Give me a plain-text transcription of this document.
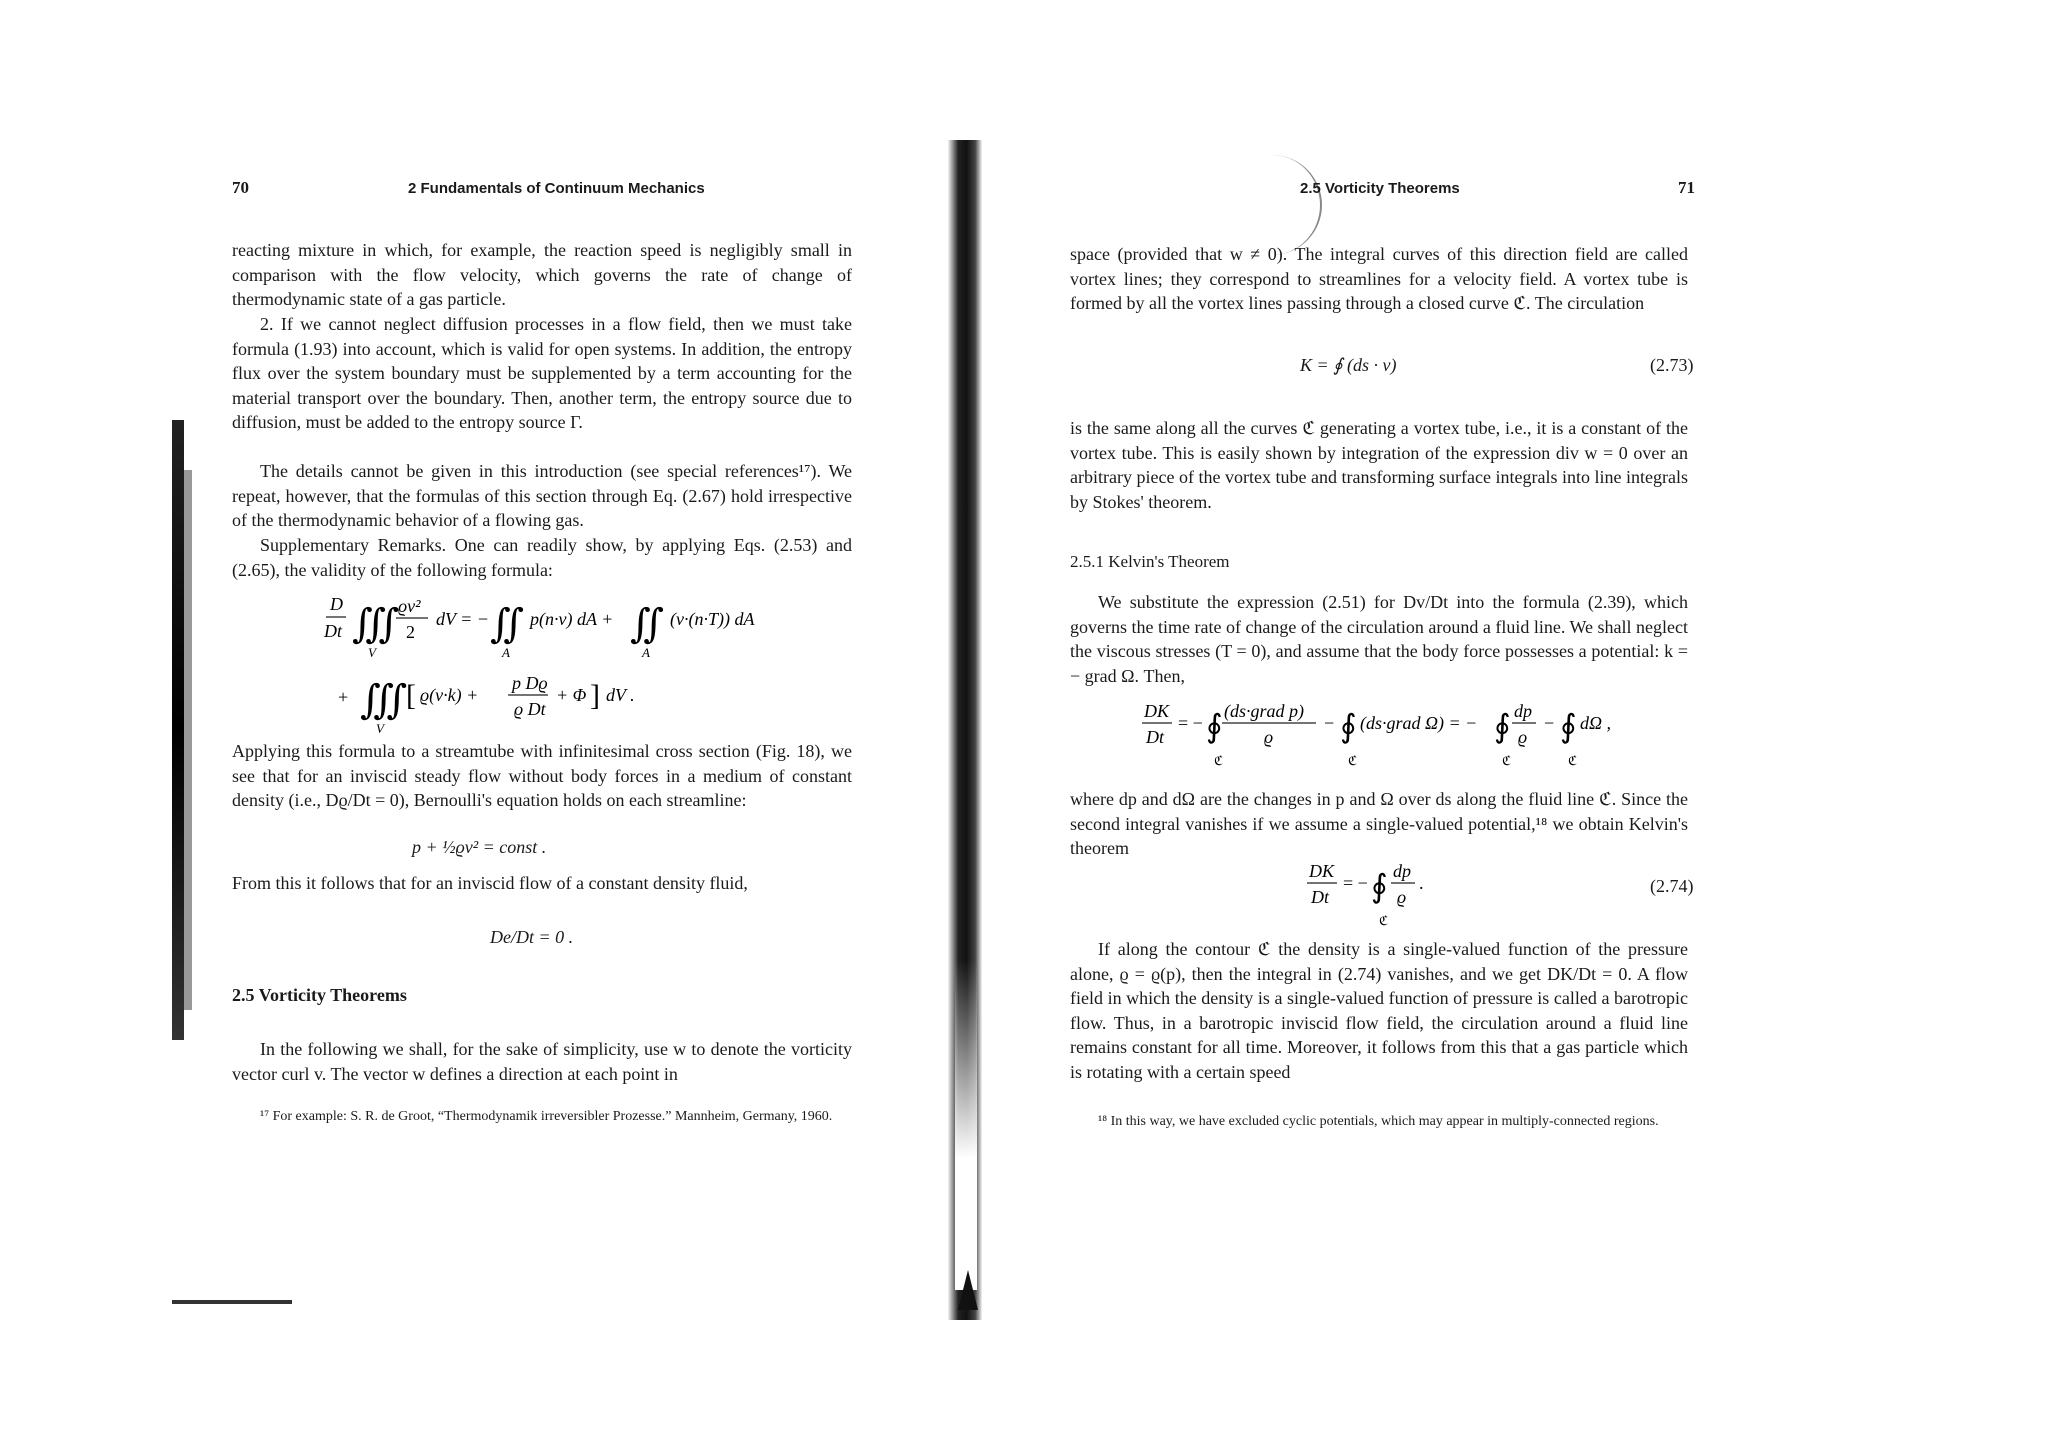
70	2 Fundamentals of Continuum Mechanics

reacting mixture in which, for example, the reaction speed is negligibly small in comparison with the flow velocity, which governs the rate of change of thermodynamic state of a gas particle.

2. If we cannot neglect diffusion processes in a flow field, then we must take formula (1.93) into account, which is valid for open systems. In addition, the entropy flux over the system boundary must be supplemented by a term accounting for the material transport over the boundary. Then, another term, the entropy source due to diffusion, must be added to the entropy source Γ.

The details cannot be given in this introduction (see special references¹⁷). We repeat, however, that the formulas of this section through Eq. (2.67) hold irrespective of the thermodynamic behavior of a flowing gas.

Supplementary Remarks. One can readily show, by applying Eqs. (2.53) and (2.65), the validity of the following formula:

D
Dt ∭
ϱv²
2
dV = − ∬ p(n·v) dA + ∬ (v·(n·T)) dA
V	A	A
+ ∭
[ ϱ(v·k) +
p Dϱ
ϱ Dt
+ Φ ] dV .
V

Applying this formula to a streamtube with infinitesimal cross section (Fig. 18), we see that for an inviscid steady flow without body forces in a medium of constant density (i.e., Dϱ/Dt = 0), Bernoulli's equation holds on each streamline:

p + ½ϱv² = const .

From this it follows that for an inviscid flow of a constant density fluid,

De/Dt = 0 .
2.5 Vorticity Theorems

In the following we shall, for the sake of simplicity, use w to denote the vorticity vector curl v. The vector w defines a direction at each point in

¹⁷ For example: S. R. de Groot, “Thermodynamik irreversibler Prozesse.” Mannheim, Germany, 1960.

2.5 Vorticity Theorems	71

space (provided that w ≠ 0). The integral curves of this direction field are called vortex lines; they correspond to streamlines for a velocity field. A vortex tube is formed by all the vortex lines passing through a closed curve ℭ. The circulation

K = ∮ (ds · v)	(2.73)

is the same along all the curves ℭ generating a vortex tube, i.e., it is a constant of the vortex tube. This is easily shown by integration of the expression div w = 0 over an arbitrary piece of the vortex tube and transforming surface integrals into line integrals by Stokes' theorem.

2.5.1 Kelvin's Theorem

We substitute the expression (2.51) for Dv/Dt into the formula (2.39), which governs the time rate of change of the circulation around a fluid line. We shall neglect the viscous stresses (T = 0), and assume that the body force possesses a potential: k = − grad Ω. Then,

DK
Dt
= − ∮ (ds·grad p)
ϱ
− ∮ (ds·grad Ω) = − ∮ dp
ϱ
− ∮ dΩ ,
ℭ	ℭ	ℭ	ℭ

where dp and dΩ are the changes in p and Ω over ds along the fluid line ℭ. Since the second integral vanishes if we assume a single-valued potential,¹⁸ we obtain Kelvin's theorem

DK
Dt
= − ∮ dp
ϱ
.
ℭ
(2.74)

If along the contour ℭ the density is a single-valued function of the pressure alone, ϱ = ϱ(p), then the integral in (2.74) vanishes, and we get DK/Dt = 0. A flow field in which the density is a single-valued function of pressure is called a barotropic flow. Thus, in a barotropic inviscid flow field, the circulation around a fluid line remains constant for all time. Moreover, it follows from this that a gas particle which is rotating with a certain speed

¹⁸ In this way, we have excluded cyclic potentials, which may appear in multiply-connected regions.
